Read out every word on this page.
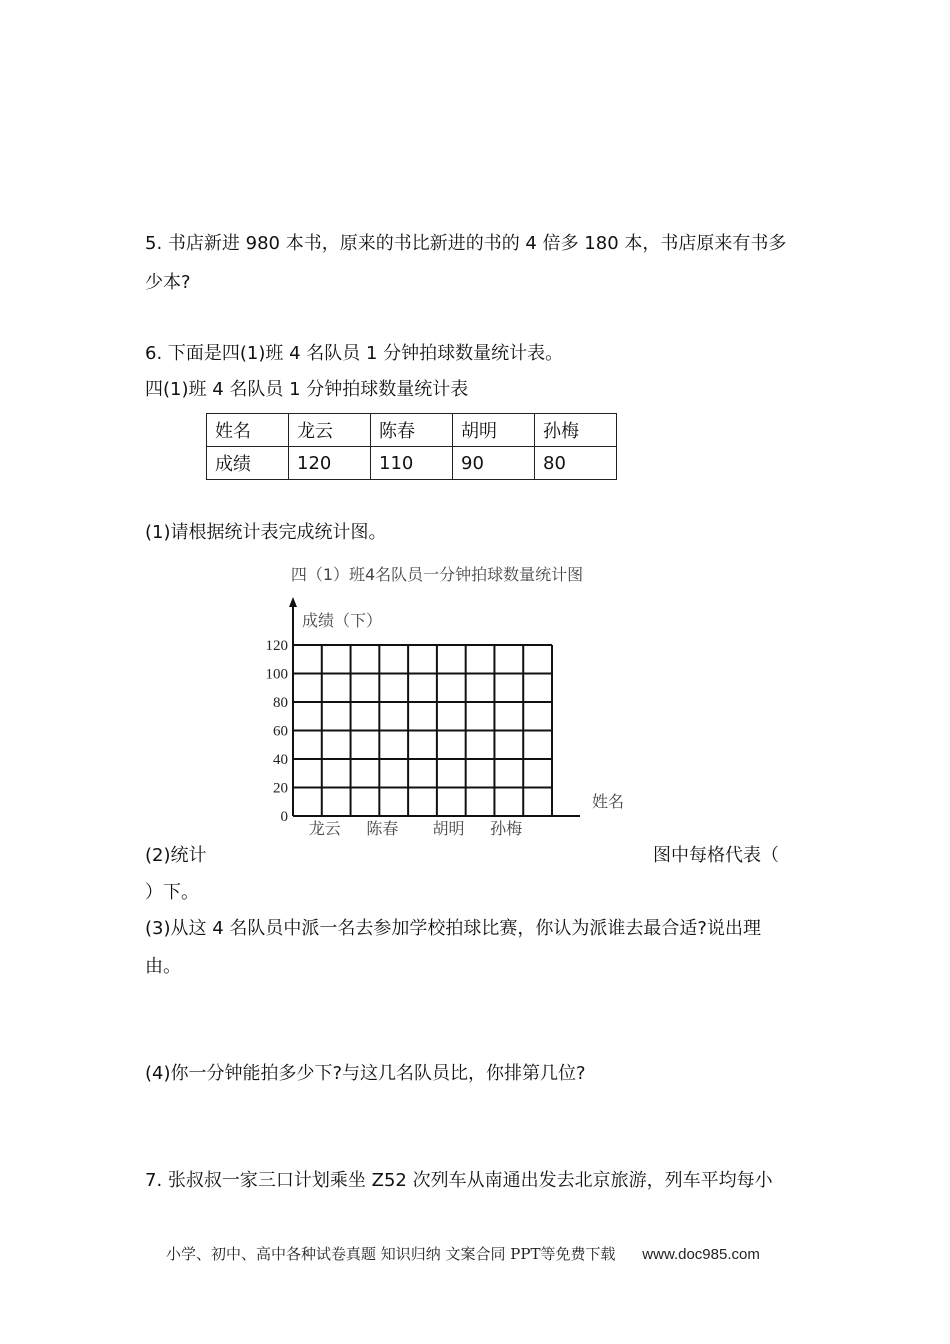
5. 书店新进 980 本书，原来的书比新进的书的 4 倍多 180 本，书店原来有书多
少本?
6. 下面是四(1)班 4 名队员 1 分钟拍球数量统计表。
四(1)班 4 名队员 1 分钟拍球数量统计表
姓名	龙云	陈春	胡明	孙梅
成绩	120	110	90	80
(1)请根据统计表完成统计图。
四（1）班4名队员一分钟拍球数量统计图
0
20
40
60
80
100
120
成绩（下）
姓名
龙云 陈春 胡明 孙梅
(2)统计	图中每格代表（
）下。
(3)从这 4 名队员中派一名去参加学校拍球比赛，你认为派谁去最合适?说出理
由。
(4)你一分钟能拍多少下?与这几名队员比，你排第几位?
7. 张叔叔一家三口计划乘坐 Z52 次列车从南通出发去北京旅游，列车平均每小
小学、初中、高中各种试卷真题 知识归纳 文案合同 PPT等免费下载 www.doc985.com
